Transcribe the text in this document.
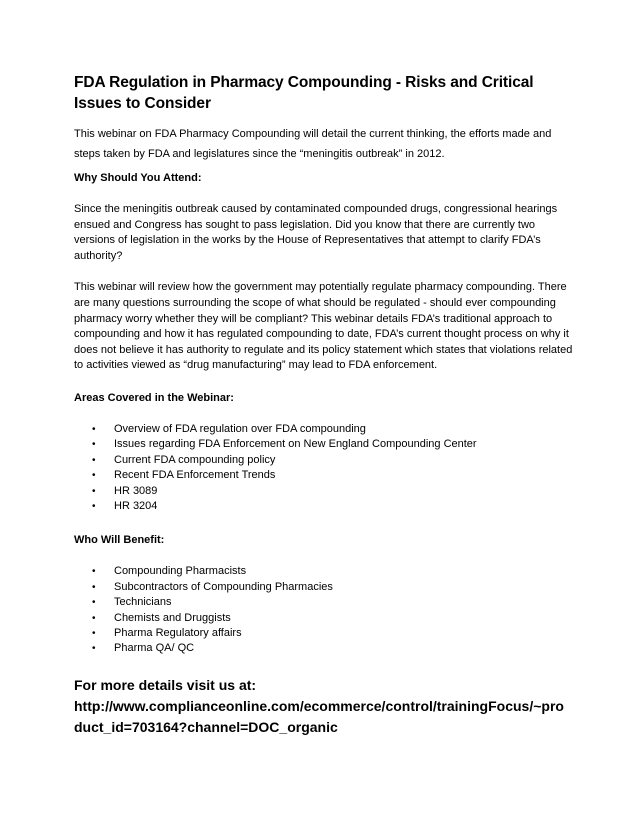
FDA Regulation in Pharmacy Compounding - Risks and Critical Issues to Consider

This webinar on FDA Pharmacy Compounding will detail the current thinking, the efforts made and steps taken by FDA and legislatures since the “meningitis outbreak” in 2012.

Why Should You Attend:

Since the meningitis outbreak caused by contaminated compounded drugs, congressional hearings ensued and Congress has sought to pass legislation. Did you know that there are currently two versions of legislation in the works by the House of Representatives that attempt to clarify FDA’s authority?

This webinar will review how the government may potentially regulate pharmacy compounding. There are many questions surrounding the scope of what should be regulated - should ever compounding pharmacy worry whether they will be compliant? This webinar details FDA’s traditional approach to compounding and how it has regulated compounding to date, FDA’s current thought process on why it does not believe it has authority to regulate and its policy statement which states that violations related to activities viewed as “drug manufacturing” may lead to FDA enforcement.

Areas Covered in the Webinar:
• Overview of FDA regulation over FDA compounding
• Issues regarding FDA Enforcement on New England Compounding Center
• Current FDA compounding policy
• Recent FDA Enforcement Trends
• HR 3089
• HR 3204
Who Will Benefit:
• Compounding Pharmacists
• Subcontractors of Compounding Pharmacies
• Technicians
• Chemists and Druggists
• Pharma Regulatory affairs
• Pharma QA/ QC
For more details visit us at:
http://www.complianceonline.com/ecommerce/control/trainingFocus/~product_id=703164?channel=DOC_organic
